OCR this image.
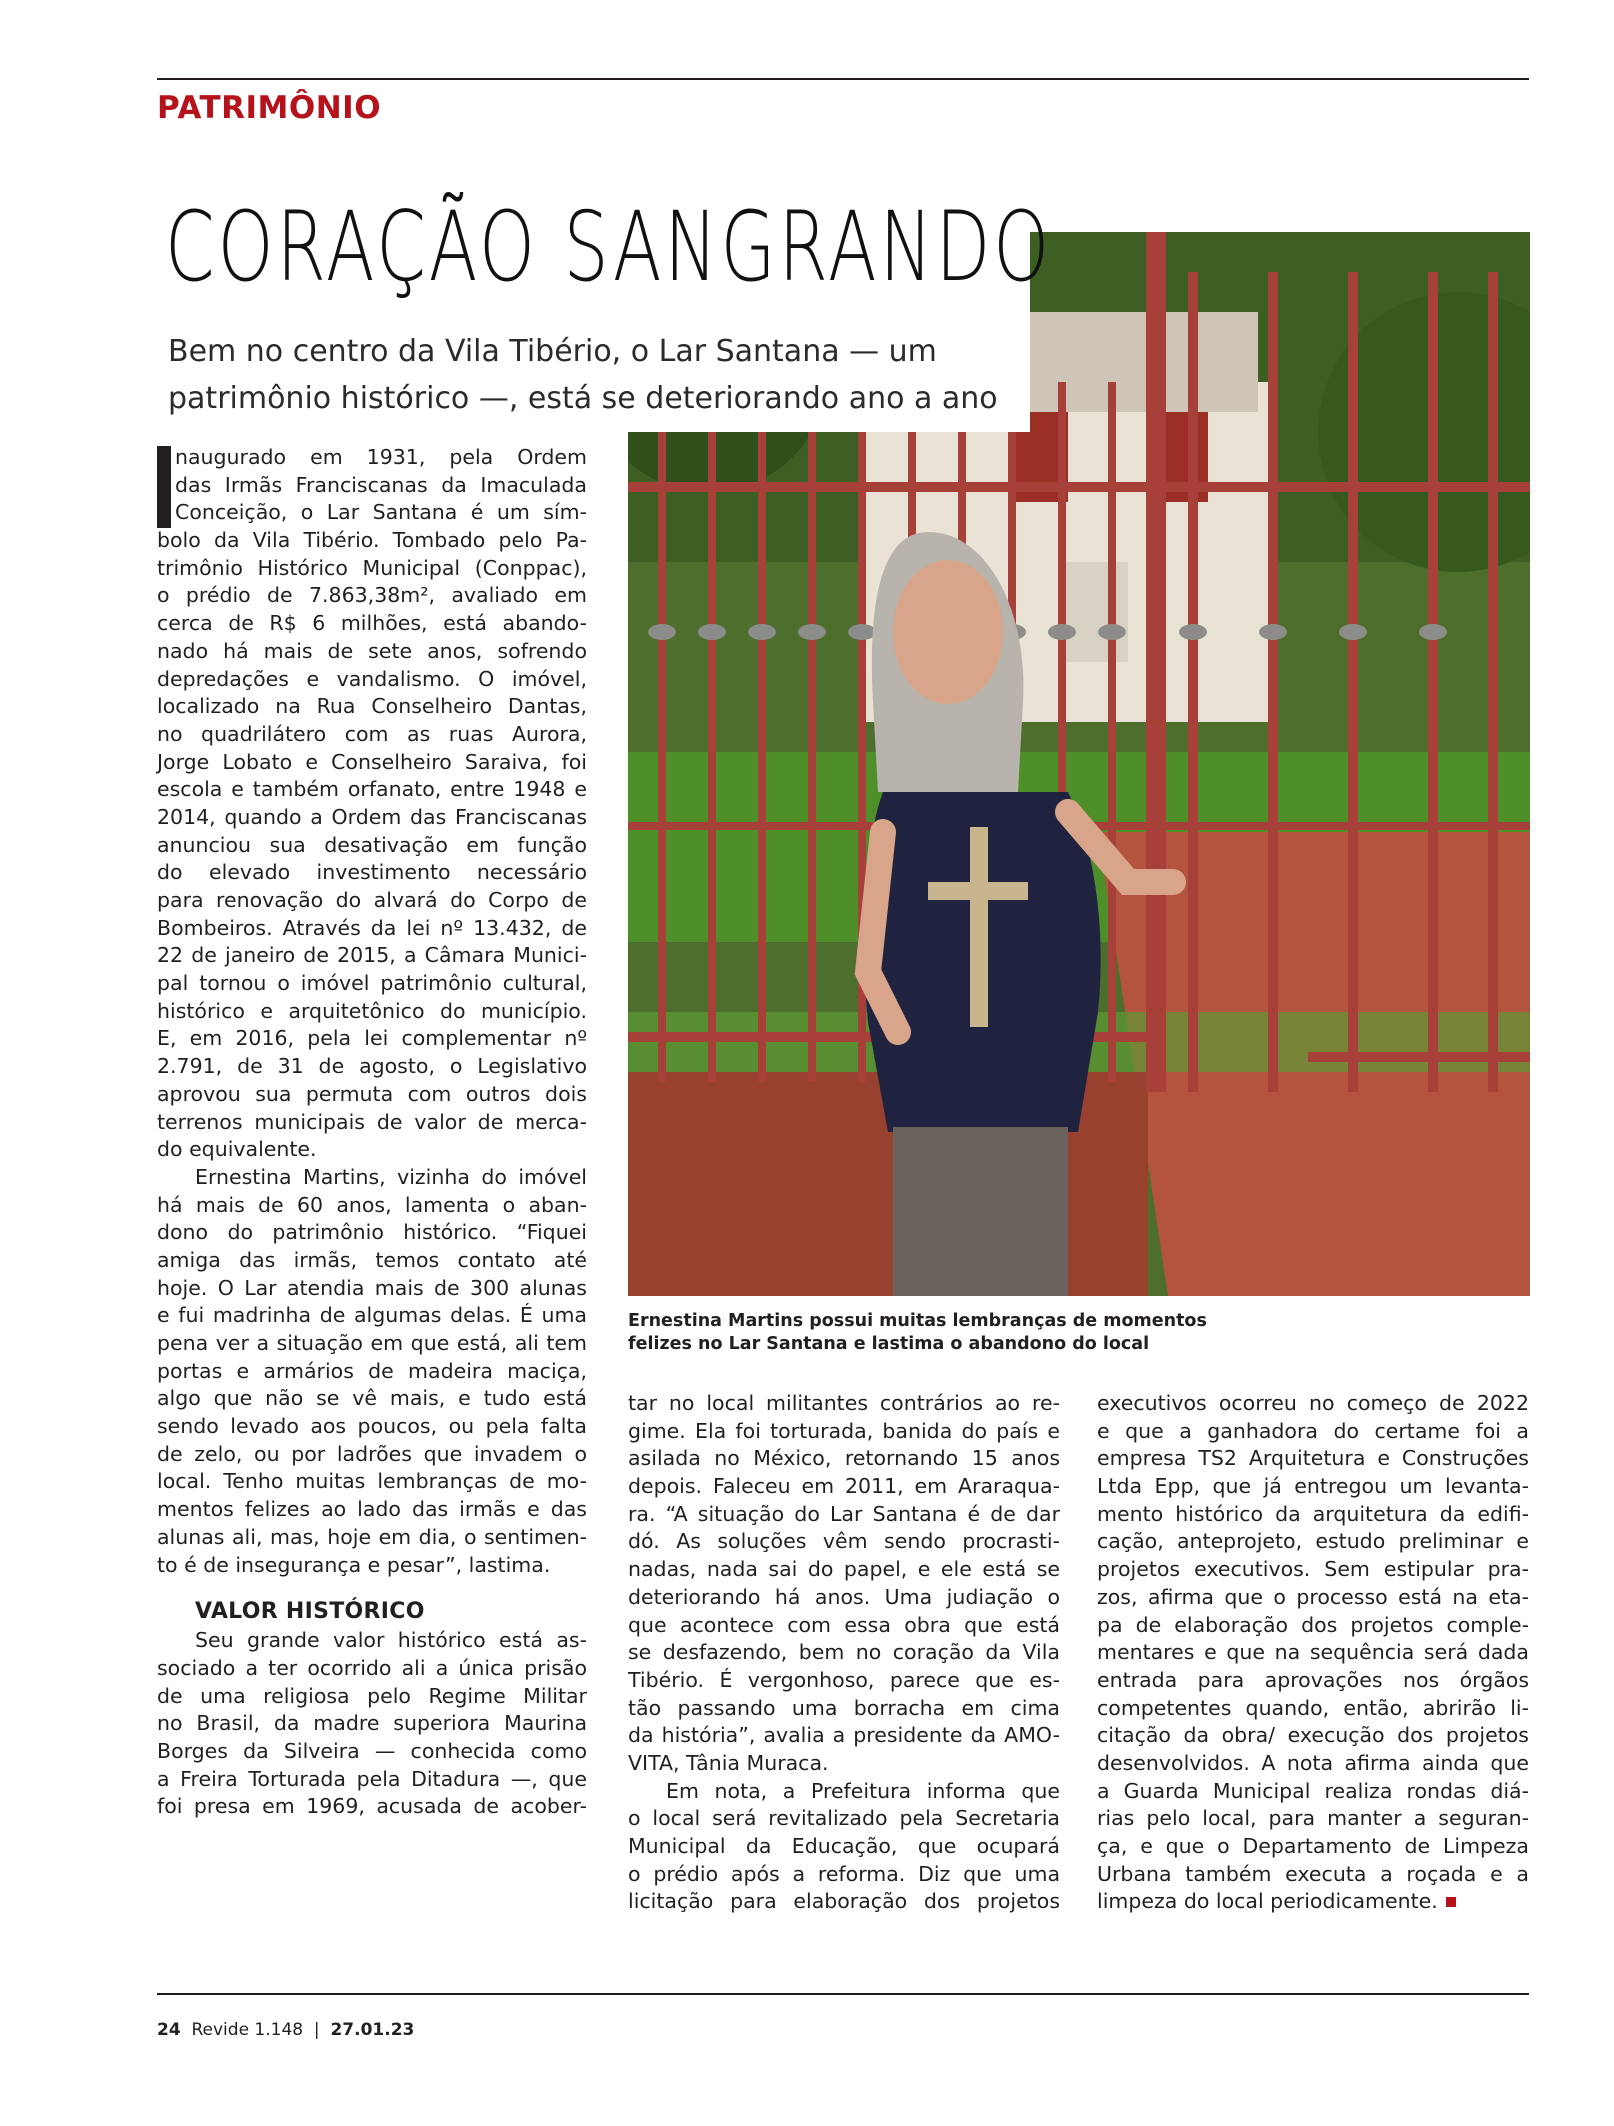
PATRIMÔNIO
CORAÇÃO SANGRANDO
Bem no centro da Vila Tibério, o Lar Santana — um
patrimônio histórico —, está se deteriorando ano a ano
Ernestina Martins possui muitas lembranças de momentos
felizes no Lar Santana e lastima o abandono do local
naugurado em 1931, pela Ordem
das Irmãs Franciscanas da Imaculada
Conceição, o Lar Santana é um sím-
bolo da Vila Tibério. Tombado pelo Pa-
trimônio Histórico Municipal (Conppac),
o prédio de 7.863,38m², avaliado em
cerca de R$ 6 milhões, está abando-
nado há mais de sete anos, sofrendo
depredações e vandalismo. O imóvel,
localizado na Rua Conselheiro Dantas,
no quadrilátero com as ruas Aurora,
Jorge Lobato e Conselheiro Saraiva, foi
escola e também orfanato, entre 1948 e
2014, quando a Ordem das Franciscanas
anunciou sua desativação em função
do elevado investimento necessário
para renovação do alvará do Corpo de
Bombeiros. Através da lei nº 13.432, de
22 de janeiro de 2015, a Câmara Munici-
pal tornou o imóvel patrimônio cultural,
histórico e arquitetônico do município.
E, em 2016, pela lei complementar nº
2.791, de 31 de agosto, o Legislativo
aprovou sua permuta com outros dois
terrenos municipais de valor de merca-
do equivalente.
Ernestina Martins, vizinha do imóvel
há mais de 60 anos, lamenta o aban-
dono do patrimônio histórico. “Fiquei
amiga das irmãs, temos contato até
hoje. O Lar atendia mais de 300 alunas
e fui madrinha de algumas delas. É uma
pena ver a situação em que está, ali tem
portas e armários de madeira maciça,
algo que não se vê mais, e tudo está
sendo levado aos poucos, ou pela falta
de zelo, ou por ladrões que invadem o
local. Tenho muitas lembranças de mo-
mentos felizes ao lado das irmãs e das
alunas ali, mas, hoje em dia, o sentimen-
to é de insegurança e pesar”, lastima.
VALOR HISTÓRICO
Seu grande valor histórico está as-
sociado a ter ocorrido ali a única prisão
de uma religiosa pelo Regime Militar
no Brasil, da madre superiora Maurina
Borges da Silveira — conhecida como
a Freira Torturada pela Ditadura —, que
foi presa em 1969, acusada de acober-
tar no local militantes contrários ao re-
gime. Ela foi torturada, banida do país e
asilada no México, retornando 15 anos
depois. Faleceu em 2011, em Araraqua-
ra. “A situação do Lar Santana é de dar
dó. As soluções vêm sendo procrasti-
nadas, nada sai do papel, e ele está se
deteriorando há anos. Uma judiação o
que acontece com essa obra que está
se desfazendo, bem no coração da Vila
Tibério. É vergonhoso, parece que es-
tão passando uma borracha em cima
da história”, avalia a presidente da AMO-
VITA, Tânia Muraca.
Em nota, a Prefeitura informa que
o local será revitalizado pela Secretaria
Municipal da Educação, que ocupará
o prédio após a reforma. Diz que uma
licitação para elaboração dos projetos
executivos ocorreu no começo de 2022
e que a ganhadora do certame foi a
empresa TS2 Arquitetura e Construções
Ltda Epp, que já entregou um levanta-
mento histórico da arquitetura da edifi-
cação, anteprojeto, estudo preliminar e
projetos executivos. Sem estipular pra-
zos, afirma que o processo está na eta-
pa de elaboração dos projetos comple-
mentares e que na sequência será dada
entrada para aprovações nos órgãos
competentes quando, então, abrirão li-
citação da obra/ execução dos projetos
desenvolvidos. A nota afirma ainda que
a Guarda Municipal realiza rondas diá-
rias pelo local, para manter a seguran-
ça, e que o Departamento de Limpeza
Urbana também executa a roçada e a
limpeza do local periodicamente.
24 Revide 1.148 | 27.01.23
